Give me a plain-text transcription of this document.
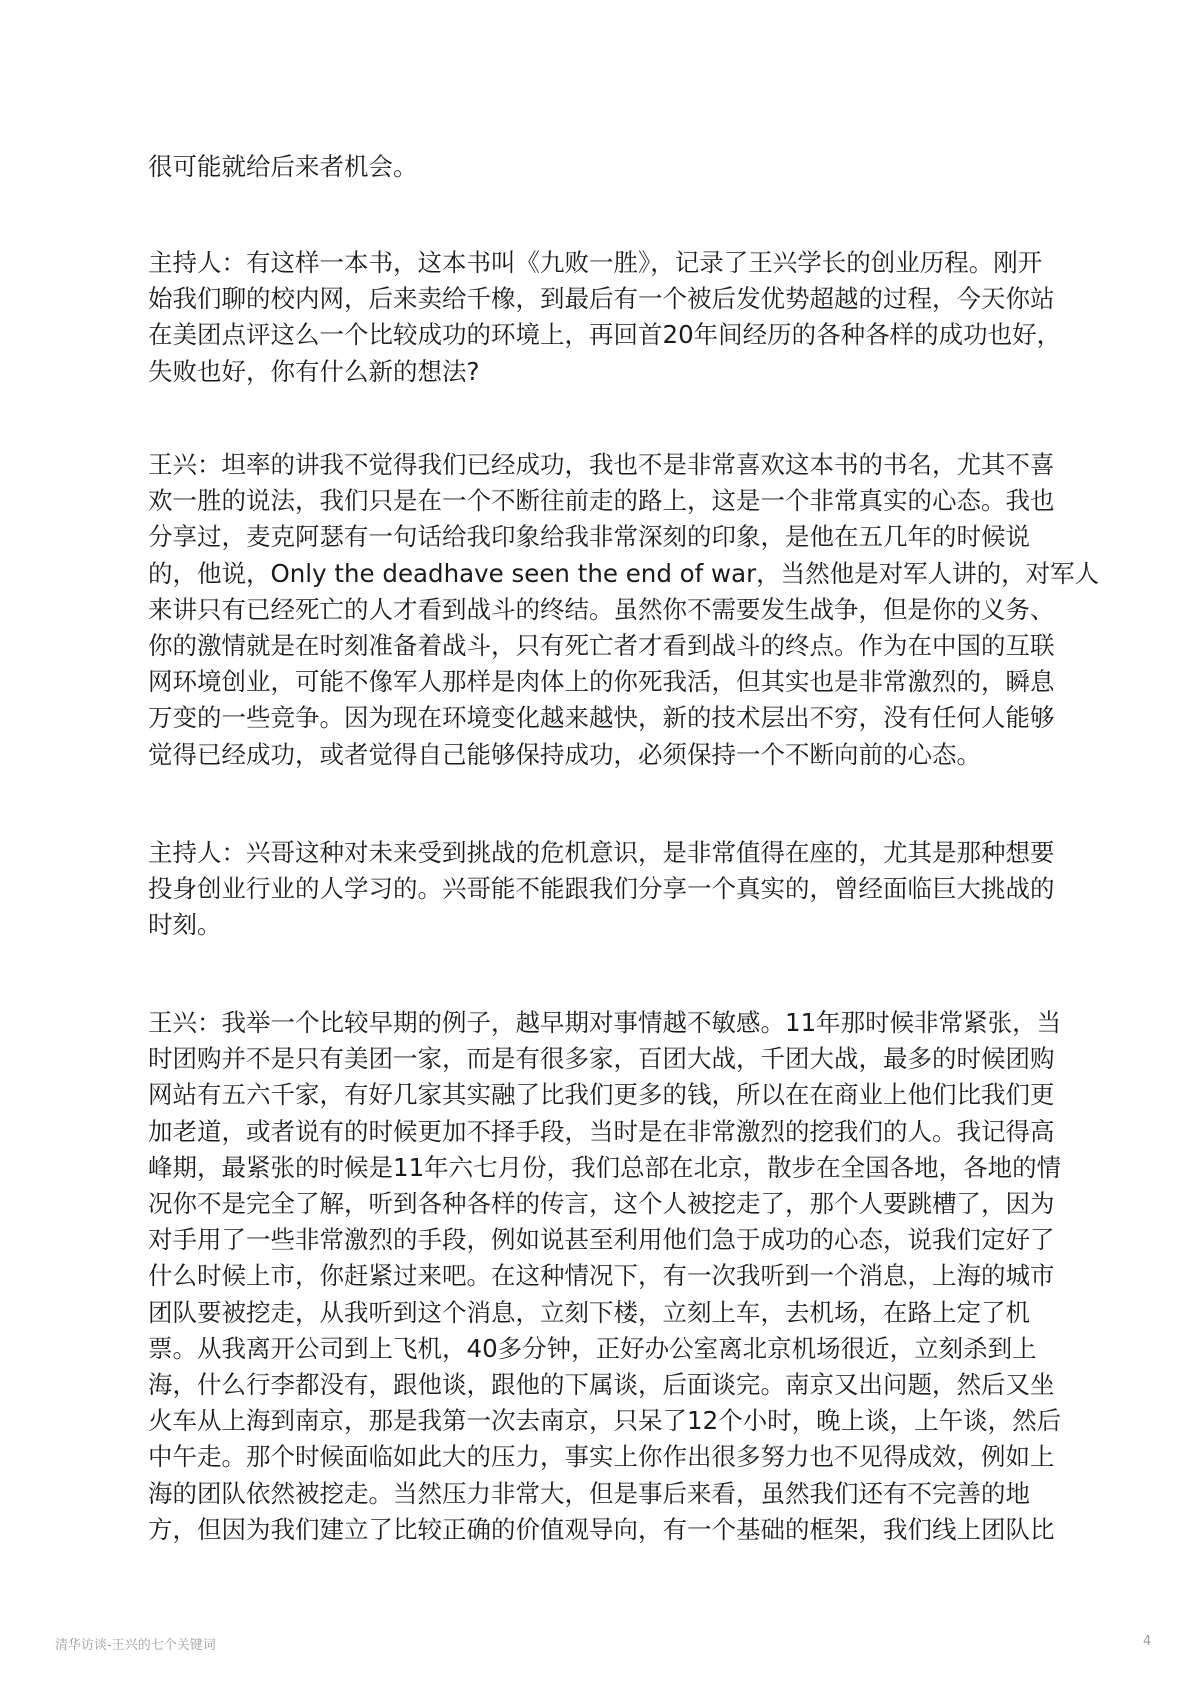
很可能就给后来者机会。
主持人：有这样一本书，这本书叫《九败一胜》，记录了王兴学长的创业历程。刚开
始我们聊的校内网，后来卖给千橡，到最后有一个被后发优势超越的过程，今天你站
在美团点评这么一个比较成功的环境上，再回首20年间经历的各种各样的成功也好，
失败也好，你有什么新的想法?
王兴：坦率的讲我不觉得我们已经成功，我也不是非常喜欢这本书的书名，尤其不喜
欢一胜的说法，我们只是在一个不断往前走的路上，这是一个非常真实的心态。我也
分享过，麦克阿瑟有一句话给我印象给我非常深刻的印象，是他在五几年的时候说
的，他说，Only the deadhave seen the end of war，当然他是对军人讲的，对军人
来讲只有已经死亡的人才看到战斗的终结。虽然你不需要发生战争，但是你的义务、
你的激情就是在时刻准备着战斗，只有死亡者才看到战斗的终点。作为在中国的互联
网环境创业，可能不像军人那样是肉体上的你死我活，但其实也是非常激烈的，瞬息
万变的一些竞争。因为现在环境变化越来越快，新的技术层出不穷，没有任何人能够
觉得已经成功，或者觉得自己能够保持成功，必须保持一个不断向前的心态。
主持人：兴哥这种对未来受到挑战的危机意识，是非常值得在座的，尤其是那种想要
投身创业行业的人学习的。兴哥能不能跟我们分享一个真实的，曾经面临巨大挑战的
时刻。
王兴：我举一个比较早期的例子，越早期对事情越不敏感。11年那时候非常紧张，当
时团购并不是只有美团一家，而是有很多家，百团大战，千团大战，最多的时候团购
网站有五六千家，有好几家其实融了比我们更多的钱，所以在在商业上他们比我们更
加老道，或者说有的时候更加不择手段，当时是在非常激烈的挖我们的人。我记得高
峰期，最紧张的时候是11年六七月份，我们总部在北京，散步在全国各地，各地的情
况你不是完全了解，听到各种各样的传言，这个人被挖走了，那个人要跳槽了，因为
对手用了一些非常激烈的手段，例如说甚至利用他们急于成功的心态，说我们定好了
什么时候上市，你赶紧过来吧。在这种情况下，有一次我听到一个消息，上海的城市
团队要被挖走，从我听到这个消息，立刻下楼，立刻上车，去机场，在路上定了机
票。从我离开公司到上飞机，40多分钟，正好办公室离北京机场很近，立刻杀到上
海，什么行李都没有，跟他谈，跟他的下属谈，后面谈完。南京又出问题，然后又坐
火车从上海到南京，那是我第一次去南京，只呆了12个小时，晚上谈，上午谈，然后
中午走。那个时候面临如此大的压力，事实上你作出很多努力也不见得成效，例如上
海的团队依然被挖走。当然压力非常大，但是事后来看，虽然我们还有不完善的地
方，但因为我们建立了比较正确的价值观导向，有一个基础的框架，我们线上团队比
清华访谈-王兴的七个关键词	4
